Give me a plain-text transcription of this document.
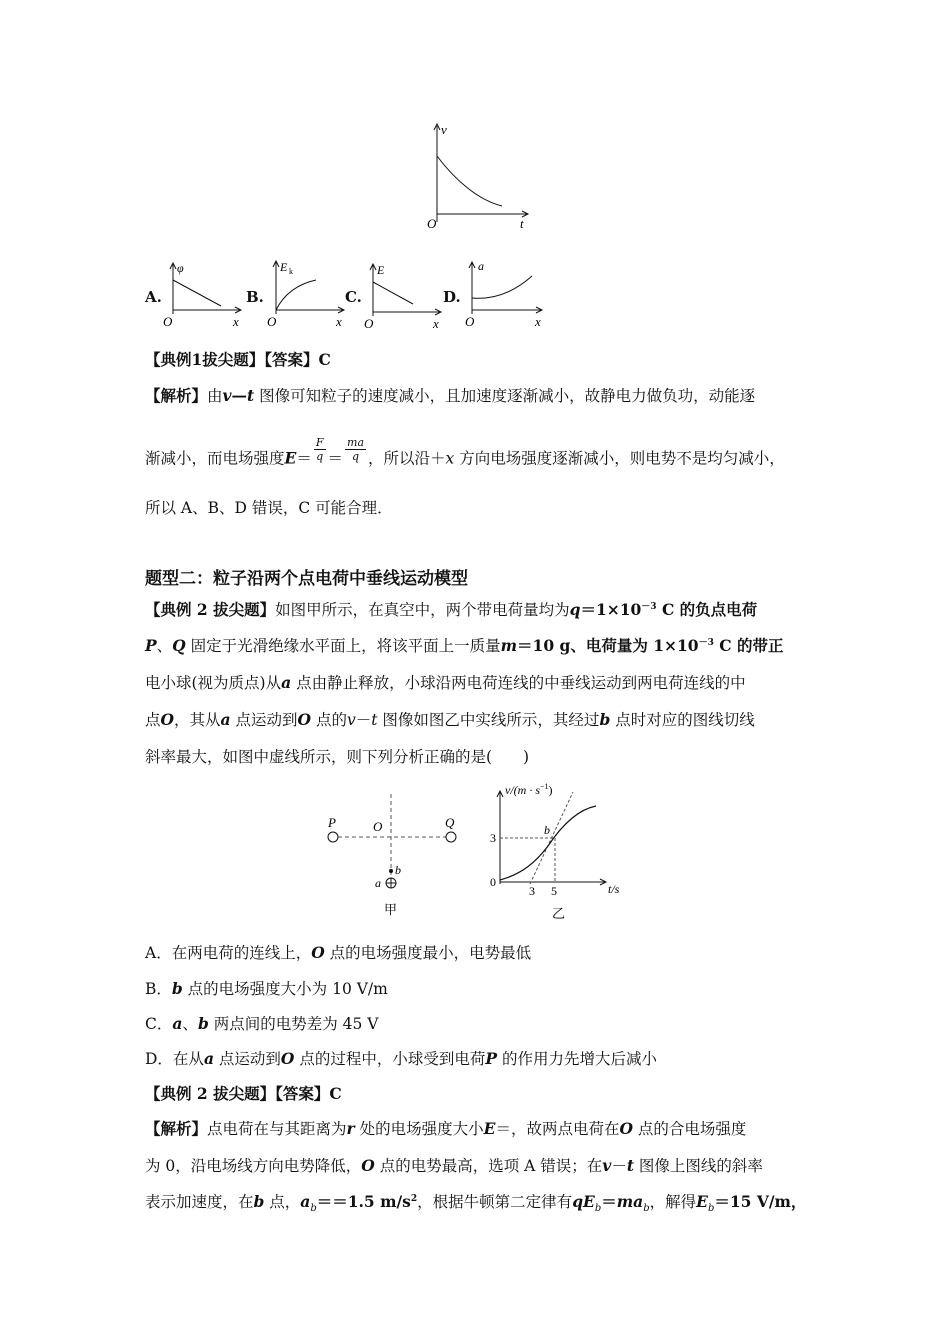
v
t
O
A.
φ
O	x
B.
E k
O	x
C.
E
O	x
D.
a
O	x
【典例1拔尖题】【答案】C
【解析】由v—t 图像可知粒子的速度减小，且加速度逐渐减小，故静电力做负功，动能逐
渐减小，而电场强度$E= \frac{F}{q} = \frac{ma}{q}$ ，所以沿＋x 方向电场强度逐渐减小，则电势不是均匀减小，
所以 A、B、D 错误，C 可能合理．
题型二：粒子沿两个点电荷中垂线运动模型
【典例 2 拔尖题】如图甲所示，在真空中，两个带电荷量均为$q=1\times 10^{-3}$ C 的负点电荷
P、Q 固定于光滑绝缘水平面上，将该平面上一质量m＝10 g、电荷量为 $1\times 10^{-3}$ C 的带正
电小球(视为质点)从a 点由静止释放，小球沿两电荷连线的中垂线运动到两电荷连线的中
点O，其从a 点运动到O 点的v－t 图像如图乙中实线所示，其经过b 点时对应的图线切线
斜率最大，如图中虚线所示，则下列分析正确的是(　　)
P	Q
O
b
a
甲
$v/(m \cdot s^{-1})$
3
0
3 5	t/s
b
乙
A．在两电荷的连线上，O 点的电场强度最小，电势最低
B．b 点的电场强度大小为 10 V/m
C．a、b 两点间的电势差为 45 V
D．在从a 点运动到O 点的过程中，小球受到电荷P 的作用力先增大后减小
【典例 2 拔尖题】【答案】C
【解析】点电荷在与其距离为r 处的电场强度大小E＝，故两点电荷在O 点的合电场强度
为 0，沿电场线方向电势降低，O 点的电势最高，选项 A 错误；在v－t 图像上图线的斜率
表示加速度，在b 点，$a_b==1.5$ $m/s^2$，根据牛顿第二定律有$qE_b=ma_b$，解得$E_b=15$ V/m，
